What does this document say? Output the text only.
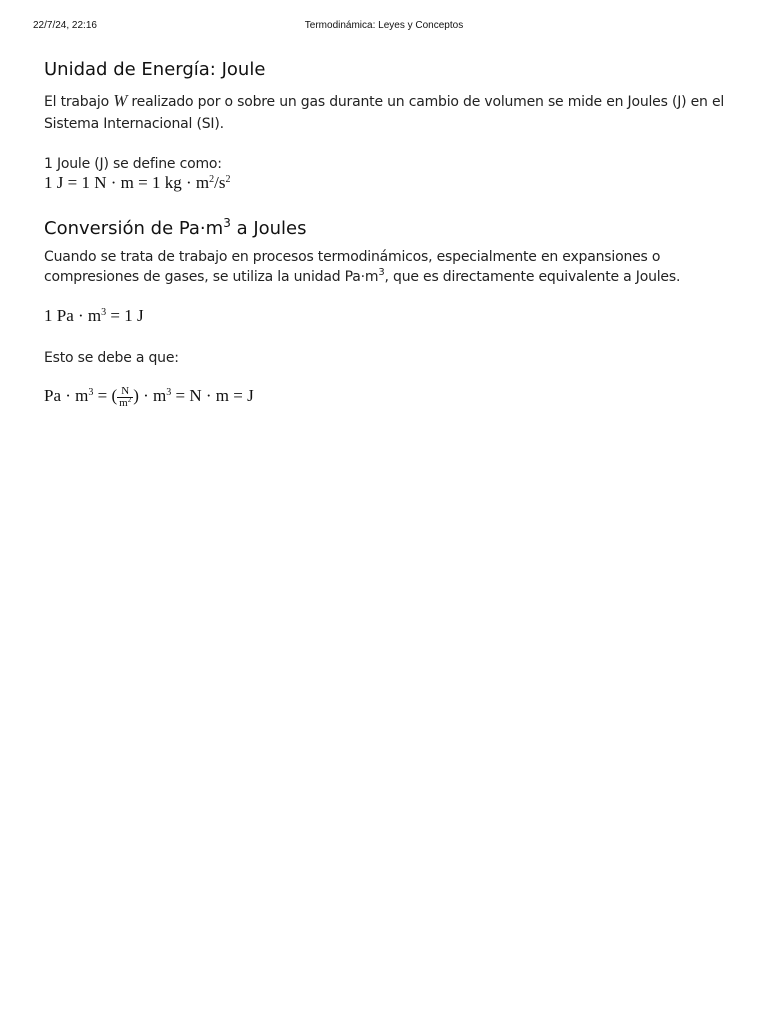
22/7/24, 22:16	Termodinámica: Leyes y Conceptos
Unidad de Energía: Joule

El trabajo W realizado por o sobre un gas durante un cambio de volumen se mide en Joules (J) en el Sistema Internacional (SI).

1 Joule (J) se define como:

1 J = 1 N · m = 1 kg · $m^2/s^2$
Conversión de $Pa\cdot m^3$ a Joules

Cuando se trata de trabajo en procesos termodinámicos, especialmente en expansiones o compresiones de gases, se utiliza la unidad $Pa\cdot m^3$, que es directamente equivalente a Joules.

1 $Pa \cdot m^3 = 1$ J

Esto se debe a que:

$Pa \cdot m^3$ = ( $\frac{N}{m^2}$ ) · $m^3 = N \cdot m = J$
